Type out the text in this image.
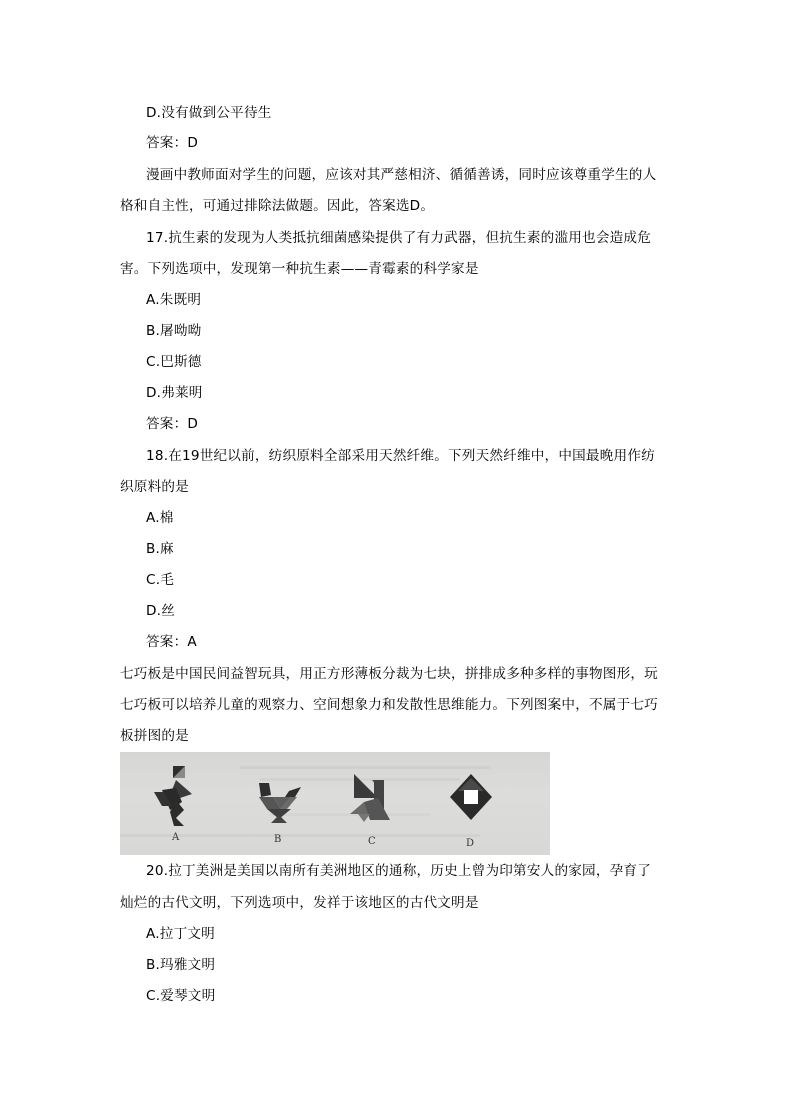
D.没有做到公平待生
答案：D
漫画中教师面对学生的问题，应该对其严慈相济、循循善诱，同时应该尊重学生的人
格和自主性，可通过排除法做题。因此，答案选D。
17.抗生素的发现为人类抵抗细菌感染提供了有力武器，但抗生素的滥用也会造成危
害。下列选项中，发现第一种抗生素——青霉素的科学家是
A.朱既明
B.屠呦呦
C.巴斯德
D.弗莱明
答案：D
18.在19世纪以前，纺织原料全部采用天然纤维。下列天然纤维中，中国最晚用作纺
织原料的是
A.棉
B.麻
C.毛
D.丝
答案：A
七巧板是中国民间益智玩具，用正方形薄板分裁为七块，拼排成多种多样的事物图形，玩
七巧板可以培养儿童的观察力、空间想象力和发散性思维能力。下列图案中，不属于七巧
板拼图的是
A	B	C	D
20.拉丁美洲是美国以南所有美洲地区的通称，历史上曾为印第安人的家园，孕育了
灿烂的古代文明，下列选项中，发祥于该地区的古代文明是
A.拉丁文明
B.玛雅文明
C.爱琴文明
